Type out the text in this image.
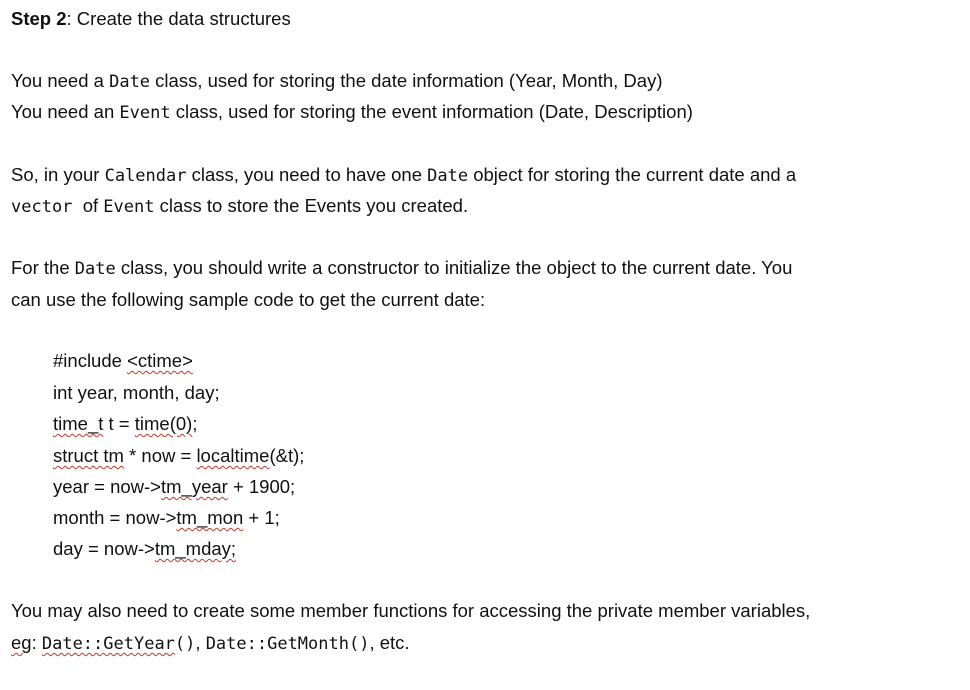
Step 2: Create the data structures
You need a Date class, used for storing the date information (Year, Month, Day)
You need an Event class, used for storing the event information (Date, Description)
So, in your Calendar class, you need to have one Date object for storing the current date and a
vector  of Event class to store the Events you created.
For the Date class, you should write a constructor to initialize the object to the current date. You
can use the following sample code to get the current date:
#include <ctime>
int year, month, day;
time_t t = time(0);
struct tm * now = localtime(&t);
year = now->tm_year + 1900;
month = now->tm_mon + 1;
day = now->tm_mday;
You may also need to create some member functions for accessing the private member variables,
eg: Date::GetYear(), Date::GetMonth(), etc.
